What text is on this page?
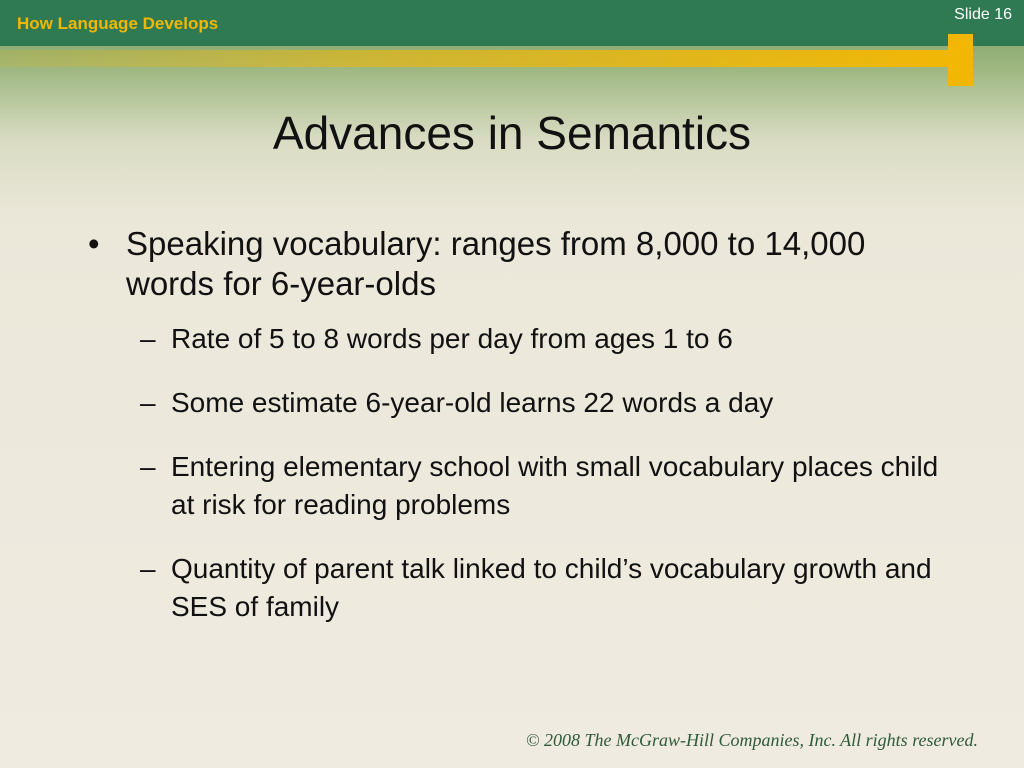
How Language Develops	Slide 16
Advances in Semantics
• Speaking vocabulary: ranges from 8,000 to 14,000 words for 6-year-olds
– Rate of 5 to 8 words per day from ages 1 to 6
– Some estimate 6-year-old learns 22 words a day
– Entering elementary school with small vocabulary places child at risk for reading problems
– Quantity of parent talk linked to child’s vocabulary growth and SES of family
© 2008 The McGraw-Hill Companies, Inc. All rights reserved.
